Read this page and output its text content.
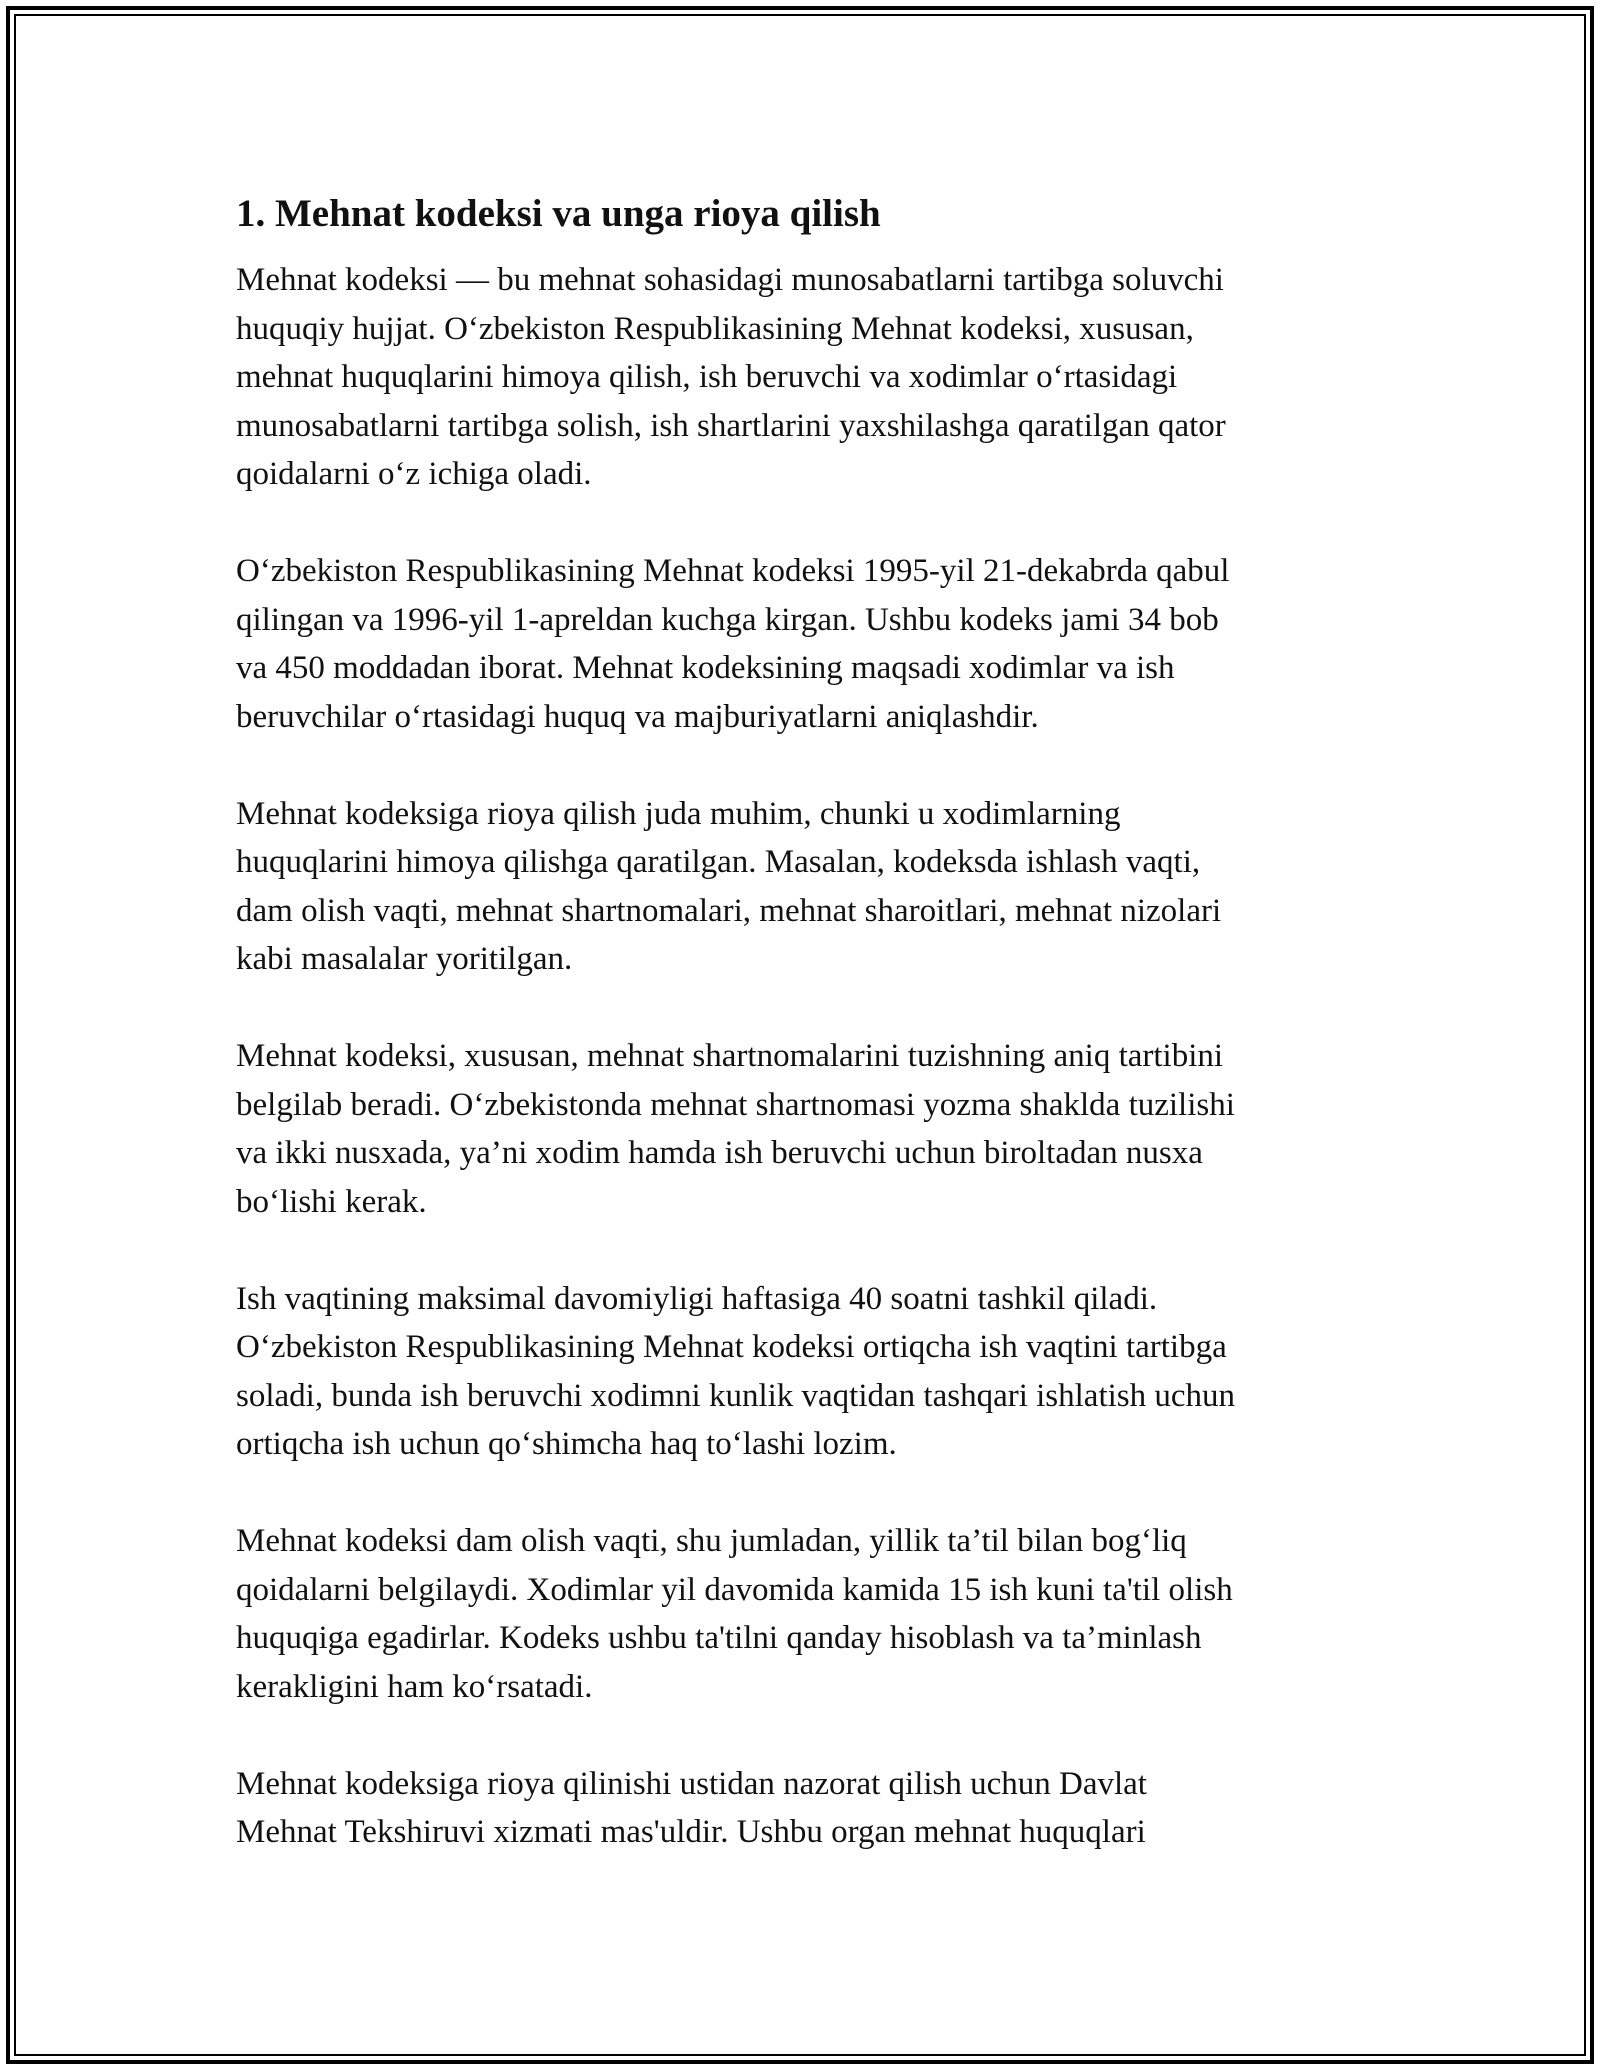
1. Mehnat kodeksi va unga rioya qilish

Mehnat kodeksi — bu mehnat sohasidagi munosabatlarni tartibga soluvchi
huquqiy hujjat. O‘zbekiston Respublikasining Mehnat kodeksi, xususan,
mehnat huquqlarini himoya qilish, ish beruvchi va xodimlar o‘rtasidagi
munosabatlarni tartibga solish, ish shartlarini yaxshilashga qaratilgan qator
qoidalarni o‘z ichiga oladi.

O‘zbekiston Respublikasining Mehnat kodeksi 1995-yil 21-dekabrda qabul
qilingan va 1996-yil 1-apreldan kuchga kirgan. Ushbu kodeks jami 34 bob
va 450 moddadan iborat. Mehnat kodeksining maqsadi xodimlar va ish
beruvchilar o‘rtasidagi huquq va majburiyatlarni aniqlashdir.

Mehnat kodeksiga rioya qilish juda muhim, chunki u xodimlarning
huquqlarini himoya qilishga qaratilgan. Masalan, kodeksda ishlash vaqti,
dam olish vaqti, mehnat shartnomalari, mehnat sharoitlari, mehnat nizolari
kabi masalalar yoritilgan.

Mehnat kodeksi, xususan, mehnat shartnomalarini tuzishning aniq tartibini
belgilab beradi. O‘zbekistonda mehnat shartnomasi yozma shaklda tuzilishi
va ikki nusxada, ya’ni xodim hamda ish beruvchi uchun biroltadan nusxa
bo‘lishi kerak.

Ish vaqtining maksimal davomiyligi haftasiga 40 soatni tashkil qiladi.
O‘zbekiston Respublikasining Mehnat kodeksi ortiqcha ish vaqtini tartibga
soladi, bunda ish beruvchi xodimni kunlik vaqtidan tashqari ishlatish uchun
ortiqcha ish uchun qo‘shimcha haq to‘lashi lozim.

Mehnat kodeksi dam olish vaqti, shu jumladan, yillik ta’til bilan bog‘liq
qoidalarni belgilaydi. Xodimlar yil davomida kamida 15 ish kuni ta'til olish
huquqiga egadirlar. Kodeks ushbu ta'tilni qanday hisoblash va ta’minlash
kerakligini ham ko‘rsatadi.

Mehnat kodeksiga rioya qilinishi ustidan nazorat qilish uchun Davlat
Mehnat Tekshiruvi xizmati mas'uldir. Ushbu organ mehnat huquqlari
